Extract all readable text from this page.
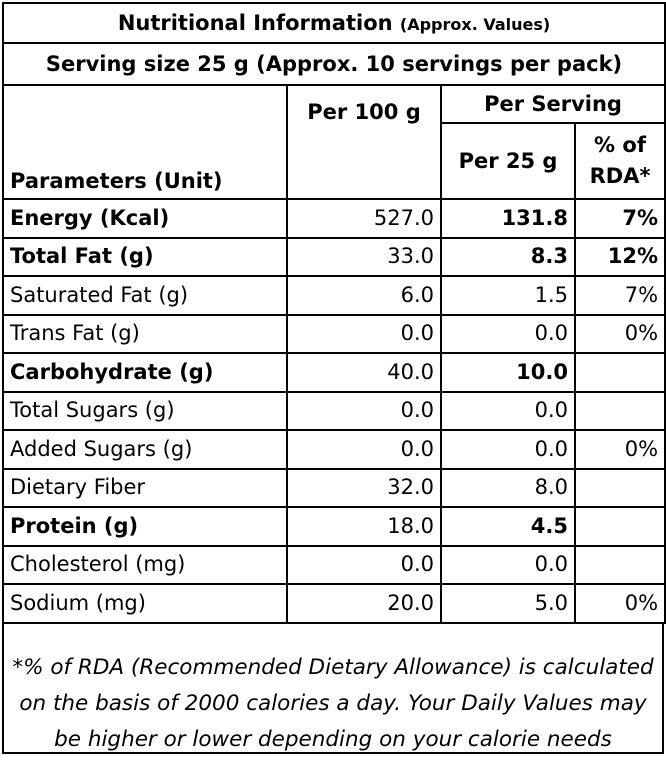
Nutritional Information (Approx. Values)			
Serving size 25 g (Approx. 10 servings per pack)			
Parameters (Unit)	Per 100 g	Per Serving	
		Per 25 g	% of
RDA*
Energy (Kcal)	527.0	131.8	7%
Total Fat (g)	33.0	8.3	12%
Saturated Fat (g)	6.0	1.5	7%
Trans Fat (g)	0.0	0.0	0%
Carbohydrate (g)	40.0	10.0	
Total Sugars (g)	0.0	0.0	
Added Sugars (g)	0.0	0.0	0%
Dietary Fiber	32.0	8.0	
Protein (g)	18.0	4.5	
Cholesterol (mg)	0.0	0.0	
Sodium (mg)	20.0	5.0	0%
*% of RDA (Recommended Dietary Allowance) is calculated
on the basis of 2000 calories a day. Your Daily Values may
be higher or lower depending on your calorie needs
